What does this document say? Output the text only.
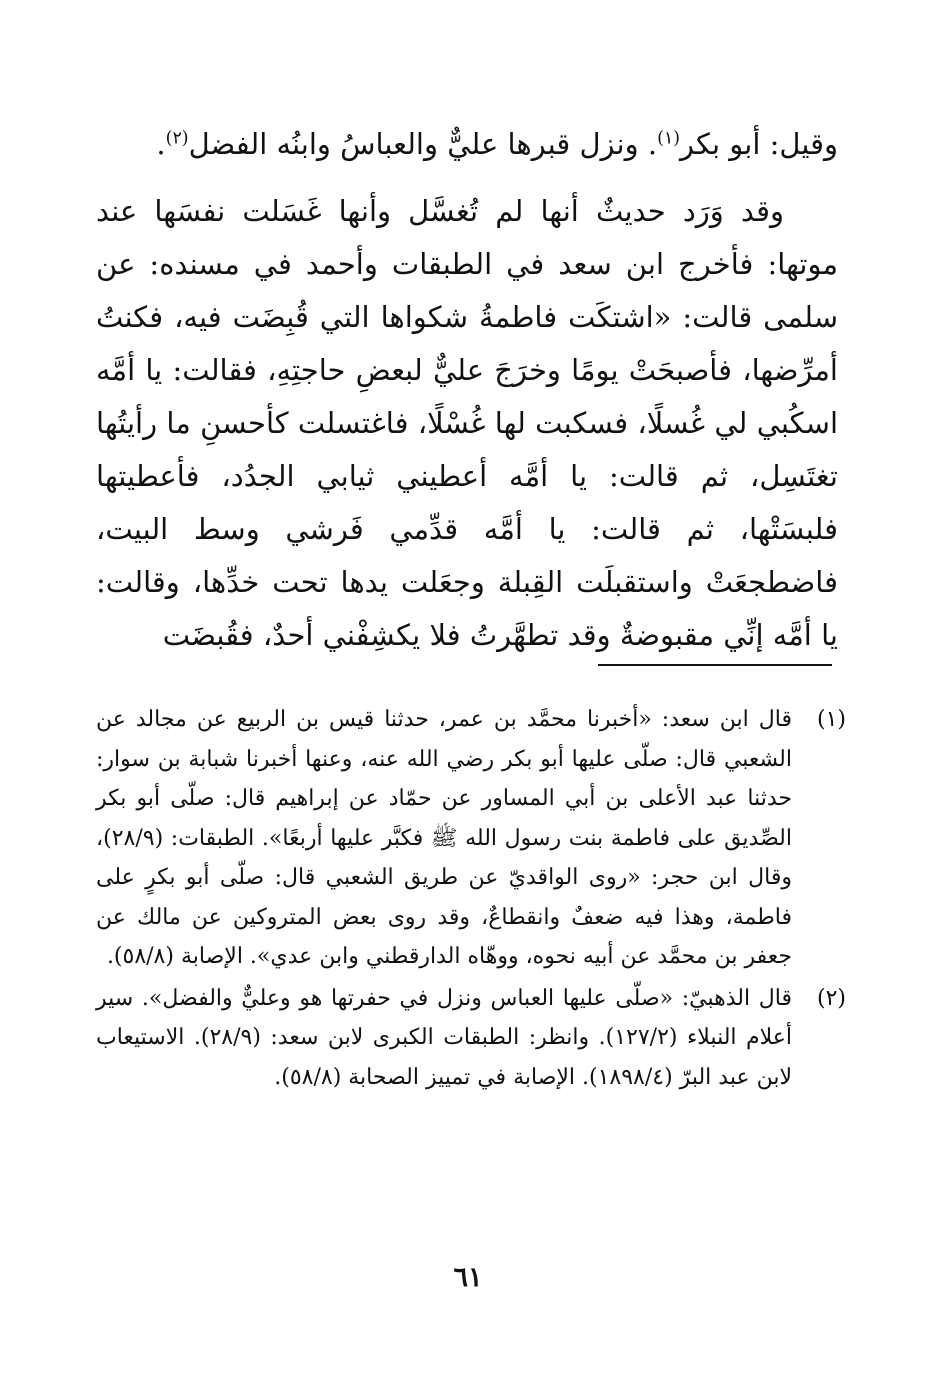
وقيل: أبو بكر$^{(١)}$. ونزل قبرها عليٌّ والعباسُ وابنُه الفضل$^{(٢)}$.

وقد وَرَد حديثٌ أنها لم تُغسَّل وأنها غَسَلت نفسَها عند موتها: فأخرج ابن سعد في الطبقات وأحمد في مسنده: عن سلمى قالت: «اشتكَت فاطمةُ شكواها التي قُبِضَت فيه، فكنتُ أمرِّضها، فأصبحَتْ يومًا وخرَجَ عليٌّ لبعضِ حاجتِهِ، فقالت: يا أمَّه اسكُبي لي غُسلًا، فسكبت لها غُسْلًا، فاغتسلت كأحسنِ ما رأيتُها تغتَسِل، ثم قالت: يا أمَّه أعطيني ثيابي الجدُد، فأعطيتها فلبسَتْها، ثم قالت: يا أمَّه قدِّمي فَرشي وسط البيت، فاضطجعَتْ واستقبلَت القِبلة وجعَلت يدها تحت خدِّها، وقالت: يا أمَّه إنِّي مقبوضةٌ وقد تطهَّرتُ فلا يكشِفْني أحدٌ، فقُبضَت

(١)
قال ابن سعد: «أخبرنا محمَّد بن عمر، حدثنا قيس بن الربيع عن مجالد عن الشعبي قال: صلّى عليها أبو بكر رضي الله عنه، وعنها أخبرنا شبابة بن سوار: حدثنا عبد الأعلى بن أبي المساور عن حمّاد عن إبراهيم قال: صلّى أبو بكر الصِّديق على فاطمة بنت رسول الله ﷺ فكبَّر عليها أربعًا». الطبقات: (٢٨/٩)، وقال ابن حجر: «روى الواقديّ عن طريق الشعبي قال: صلّى أبو بكرٍ على فاطمة، وهذا فيه ضعفٌ وانقطاعٌ، وقد روى بعض المتروكين عن مالك عن جعفر بن محمَّد عن أبيه نحوه، ووهّاه الدارقطني وابن عدي». الإصابة (٥٨/٨).
(٢)
قال الذهبيّ: «صلّى عليها العباس ونزل في حفرتها هو وعليٌّ والفضل». سير أعلام النبلاء (١٢٧/٢). وانظر: الطبقات الكبرى لابن سعد: (٢٨/٩). الاستيعاب لابن عبد البرّ (١٨٩٨/٤). الإصابة في تمييز الصحابة (٥٨/٨).
٦١
